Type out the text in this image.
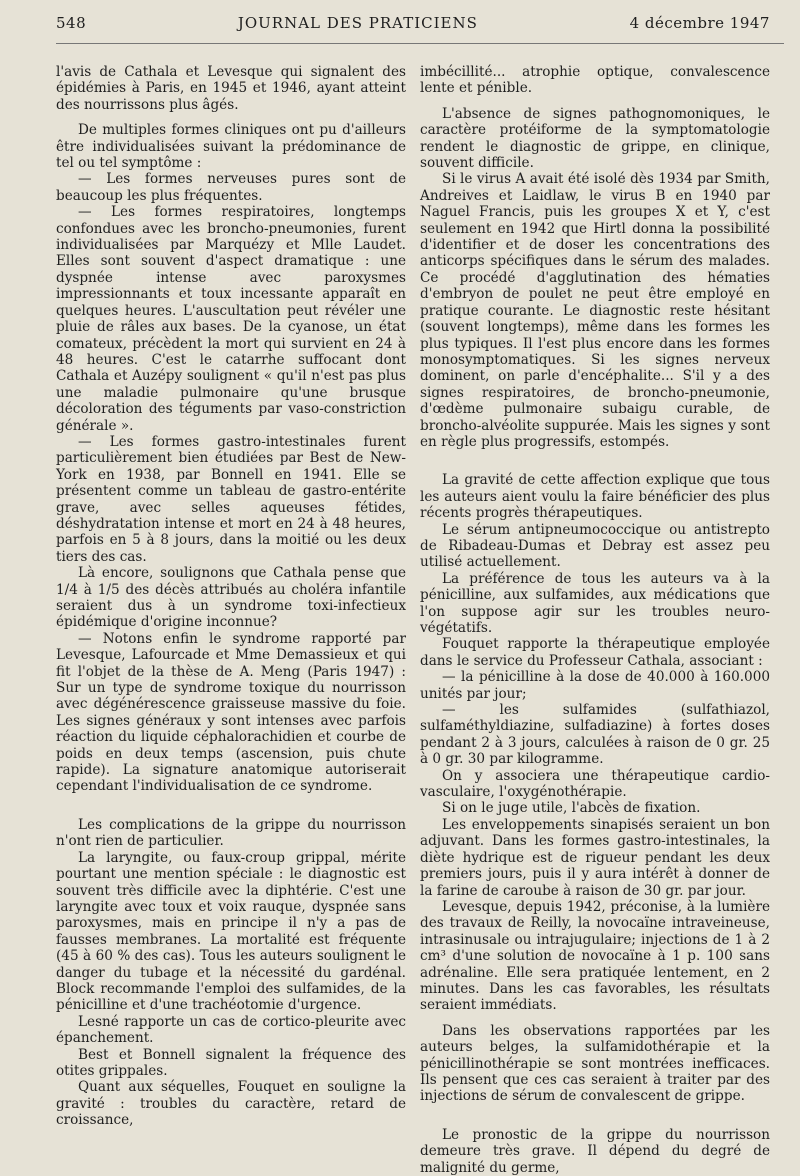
548	JOURNAL DES PRATICIENS	4 décembre 1947

l'avis de Cathala et Levesque qui signalent des épidémies à Paris, en 1945 et 1946, ayant atteint des nourrissons plus âgés.

De multiples formes cliniques ont pu d'ailleurs être individualisées suivant la prédominance de tel ou tel symptôme :

— Les formes nerveuses pures sont de beaucoup les plus fréquentes.

— Les formes respiratoires, longtemps confondues avec les broncho-pneumonies, furent individualisées par Marquézy et Mlle Laudet. Elles sont souvent d'aspect dramatique : une dyspnée intense avec paroxysmes impressionnants et toux incessante apparaît en quelques heures. L'auscultation peut révéler une pluie de râles aux bases. De la cyanose, un état comateux, précèdent la mort qui survient en 24 à 48 heures. C'est le catarrhe suffocant dont Cathala et Auzépy soulignent « qu'il n'est pas plus une maladie pulmonaire qu'une brusque décoloration des téguments par vaso-constriction générale ».

— Les formes gastro-intestinales furent particulièrement bien étudiées par Best de New-York en 1938, par Bonnell en 1941. Elle se présentent comme un tableau de gastro-entérite grave, avec selles aqueuses fétides, déshydratation intense et mort en 24 à 48 heures, parfois en 5 à 8 jours, dans la moitié ou les deux tiers des cas.

Là encore, soulignons que Cathala pense que 1/4 à 1/5 des décès attribués au choléra infantile seraient dus à un syndrome toxi-infectieux épidémique d'origine inconnue?

— Notons enfin le syndrome rapporté par Levesque, Lafourcade et Mme Demassieux et qui fit l'objet de la thèse de A. Meng (Paris 1947) : Sur un type de syndrome toxique du nourrisson avec dégénérescence graisseuse massive du foie. Les signes généraux y sont intenses avec parfois réaction du liquide céphalorachidien et courbe de poids en deux temps (ascension, puis chute rapide). La signature anatomique autoriserait cependant l'individualisation de ce syndrome.

Les complications de la grippe du nourrisson n'ont rien de particulier.

La laryngite, ou faux-croup grippal, mérite pourtant une mention spéciale : le diagnostic est souvent très difficile avec la diphtérie. C'est une laryngite avec toux et voix rauque, dyspnée sans paroxysmes, mais en principe il n'y a pas de fausses membranes. La mortalité est fréquente (45 à 60 % des cas). Tous les auteurs soulignent le danger du tubage et la nécessité du gardénal. Block recommande l'emploi des sulfamides, de la pénicilline et d'une trachéotomie d'urgence.

Lesné rapporte un cas de cortico-pleurite avec épanchement.

Best et Bonnell signalent la fréquence des otites grippales.

Quant aux séquelles, Fouquet en souligne la gravité : troubles du caractère, retard de croissance,

imbécillité... atrophie optique, convalescence lente et pénible.

L'absence de signes pathognomoniques, le caractère protéiforme de la symptomatologie rendent le diagnostic de grippe, en clinique, souvent difficile.

Si le virus A avait été isolé dès 1934 par Smith, Andreives et Laidlaw, le virus B en 1940 par Naguel Francis, puis les groupes X et Y, c'est seulement en 1942 que Hirtl donna la possibilité d'identifier et de doser les concentrations des anticorps spécifiques dans le sérum des malades. Ce procédé d'agglutination des hématies d'embryon de poulet ne peut être employé en pratique courante. Le diagnostic reste hésitant (souvent longtemps), même dans les formes les plus typiques. Il l'est plus encore dans les formes monosymptomatiques. Si les signes nerveux dominent, on parle d'encéphalite... S'il y a des signes respiratoires, de broncho-pneumonie, d'œdème pulmonaire subaigu curable, de broncho-alvéolite suppurée. Mais les signes y sont en règle plus progressifs, estompés.

La gravité de cette affection explique que tous les auteurs aient voulu la faire bénéficier des plus récents progrès thérapeutiques.

Le sérum antipneumococcique ou antistrepto de Ribadeau-Dumas et Debray est assez peu utilisé actuellement.

La préférence de tous les auteurs va à la pénicilline, aux sulfamides, aux médications que l'on suppose agir sur les troubles neuro-végétatifs.

Fouquet rapporte la thérapeutique employée dans le service du Professeur Cathala, associant :

— la pénicilline à la dose de 40.000 à 160.000 unités par jour;

— les sulfamides (sulfathiazol, sulfaméthyldiazine, sulfadiazine) à fortes doses pendant 2 à 3 jours, calculées à raison de 0 gr. 25 à 0 gr. 30 par kilogramme.

On y associera une thérapeutique cardio-vasculaire, l'oxygénothérapie.

Si on le juge utile, l'abcès de fixation.

Les enveloppements sinapisés seraient un bon adjuvant. Dans les formes gastro-intestinales, la diète hydrique est de rigueur pendant les deux premiers jours, puis il y aura intérêt à donner de la farine de caroube à raison de 30 gr. par jour.

Levesque, depuis 1942, préconise, à la lumière des travaux de Reilly, la novocaïne intraveineuse, intrasinusale ou intrajugulaire; injections de 1 à 2 cm³ d'une solution de novocaïne à 1 p. 100 sans adrénaline. Elle sera pratiquée lentement, en 2 minutes. Dans les cas favorables, les résultats seraient immédiats.

Dans les observations rapportées par les auteurs belges, la sulfamidothérapie et la pénicillinothérapie se sont montrées inefficaces. Ils pensent que ces cas seraient à traiter par des injections de sérum de convalescent de grippe.

Le pronostic de la grippe du nourrisson demeure très grave. Il dépend du degré de malignité du germe,
